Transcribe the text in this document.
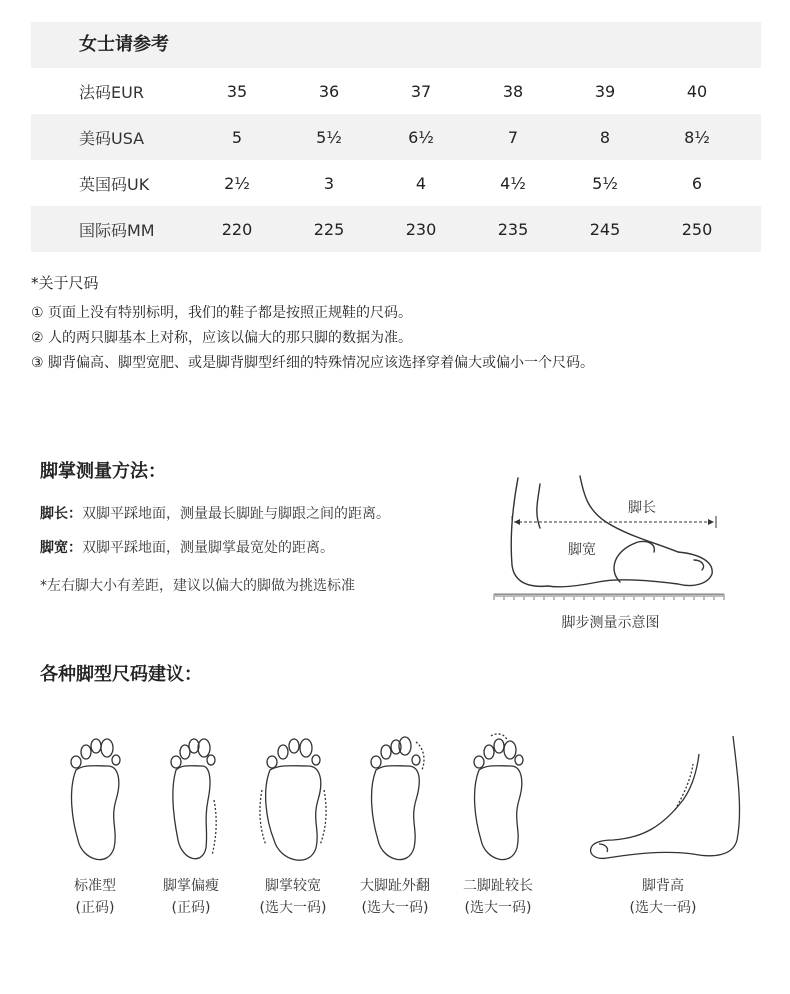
女士请参考
法码EUR	35	36	37	38	39	40
美码USA	5	5½	6½	7	8	8½
英国码UK	2½	3	4	4½	5½	6
国际码MM	220	225	230	235	245	250
*关于尺码
① 页面上没有特别标明，我们的鞋子都是按照正规鞋的尺码。
② 人的两只脚基本上对称，应该以偏大的那只脚的数据为准。
③ 脚背偏高、脚型宽肥、或是脚背脚型纤细的特殊情况应该选择穿着偏大或偏小一个尺码。
脚掌测量方法：
脚长：双脚平踩地面，测量最长脚趾与脚跟之间的距离。
脚宽：双脚平踩地面，测量脚掌最宽处的距离。
*左右脚大小有差距，建议以偏大的脚做为挑选标准
脚长
脚宽
脚步测量示意图
各种脚型尺码建议：
标准型
(正码)
脚掌偏瘦
(正码)
脚掌较宽
(选大一码)
大脚趾外翻
(选大一码)
二脚趾较长
(选大一码)
脚背高
(选大一码)
